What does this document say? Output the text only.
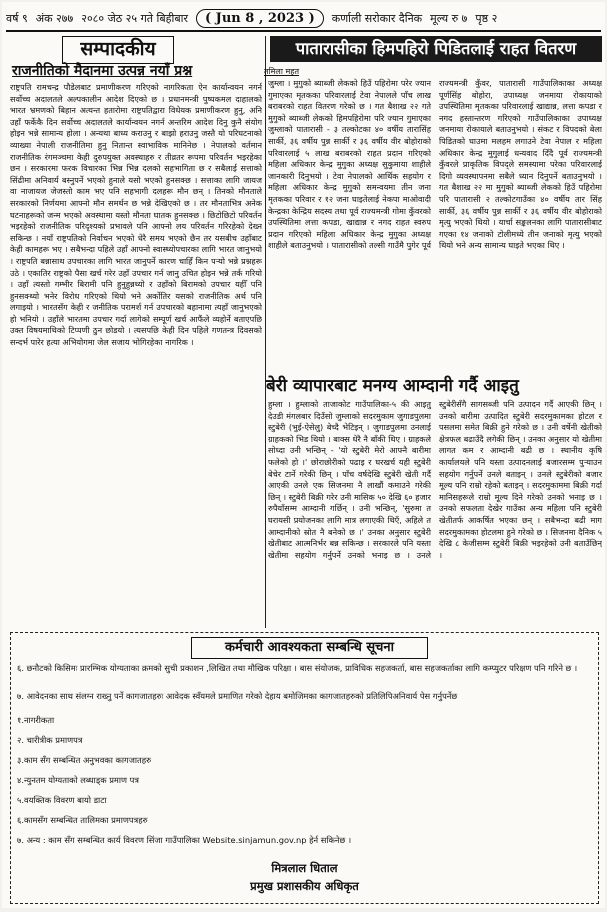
वर्ष ९ अंक २७७ २०८० जेठ २५ गते बिहीबार	( Jun 8 , 2023 )	कर्णाली सरोकार दैनिक मूल्य रु ७ पृष्ठ २
सम्पादकीय
राजनीतिको मैदानमा उत्पन्न नयाँ प्रश्न
राष्ट्रपति रामचन्द्र पौडेलबाट प्रमाणीकरण गरिएको नागरिकता ऐन कार्यान्वयन नगर्न सर्वोच्च अदालतले अल्पकालीन आदेश दिएको छ । प्रधानमन्त्री पुष्पकमल दाहालको भारत भ्रमणको बिहान अत्यन्त हतारोमा राष्ट्रपतिद्वारा विधेयक प्रमाणीकरण हुनु, अनि उहाँ फर्केकै दिन सर्वोच्च अदालतले कार्यान्वयन नगर्न अन्तरिम आदेश दिनु कुनै संयोग होइन भन्ने सामान्य होला । अन्यथा बाध्य कराउनु र बाझो हराउनु जस्तै यो परिघटनाको व्याख्या नेपाली राजनीतिमा हुनु नितान्त स्वाभाविक मानिनेछ । नेपालको वर्तमान राजनीतिक रंगमञ्चमा केही दुरुपयुक्त अवस्थाहरु र तीव्रतर रूपमा परिवर्तन भइरहेका छन । सरकारमा फरक विचारका भिन्न भिन्न दलको सहभागिता छ र सबैलाई सत्ताको सिंढीमा अनिवार्य बस्नुपर्ने भएको हुनाले यसो भएको हुनसक्छ । सत्ताका लागि जायज वा नाजायज जेजस्तो काम भए पनि सहभागी दलहरू मौन छन् । तिनको मौनताले सरकारको निर्णयमा आफ्नो मौन समर्थन छ भन्ने देखिएको छ । तर मौनताभित्र अनेक घटनाहरूको जन्म भएको अवस्थामा यस्तो मौनता घातक हुनसक्छ । छिटोछिटो परिवर्तन भइरहेको राजनीतिक परिदृश्यको प्रभावले पनि आफ्नो लय परिवर्तन गरिरहेको देख्न सकिन्छ । नयाँ राष्ट्रपतिको निर्वाचन भएको धेरै समय भएको छैन तर यसबीच उहाँबाट केही कामहरू भए । सबैभन्दा पहिले उहाँ आफ्नो स्वास्थ्योपचारका लागि भारत जानुभयो । राष्ट्रपति बन्नासाथ उपचारका लागि भारत जानुपर्ने कारण चाहिँ किन पर्‍यो भन्ने प्रश्नहरू उठे । एकातिर राष्ट्रको पैसा खर्च गरेर उहाँ उपचार गर्न जानु उचित होइन भन्ने तर्क गरियो । उहाँ त्यस्तो गम्भीर बिरामी पनि हुनुहुन्नथ्यो र उहाँको बिरामको उपचार यहीँ पनि हुनसक्थ्यो भनेर विरोध गरिएको थियो भने अर्कोतिर यसको राजनीतिक अर्थ पनि लगाइयो । भारतसँग केही र जनीतिक परामर्श गर्न उपचारको बहानामा त्यहाँ जानुभएको हो भनियो । उहाँले भारतमा उपचार गर्दा लागेको सम्पूर्ण खर्च आफैंले व्यहोर्ने बताएपछि उक्त विषयमाथिको टिप्पणी ठुन छोडयो । त्यसपछि केही दिन पहिले गणतन्त्र दिवसको सन्दर्भ पारेर हत्या अभियोगमा जेल सजाय भोगिरहेका नागरिक ।
पातारासीका हिमपहिरो पिडितलाई राहत वितरण
तमिला महत
जुम्ला । मुगुको ब्याब्जी लेकको हिउँ पहिरोमा परेर ज्यान गुमाएका मृतकका परिवारलाई टेवा नेपालले पाँच लाख बराबरको राहत वितरण गरेको छ । गत बैशाख २२ गते मुगुको ब्याब्जी लेकको हिमपहिरोमा परि ज्यान गुमाएका जुम्लाको पातारासी - ३ तल्कोटका ४० वर्षीय तारासिंह सार्की, ३६ वर्षीय पुन्न सार्की र ३६ वर्षीय वीर बोहोराको परिवारलाई ५ लाख बराबरको राहत प्रदान गरिएको महिला अधिकार केन्द्र मुगुका अध्यक्ष सुकुमाया शाहीले जानकारी दिनुभयो । टेवा नेपालको आर्थिक सहयोग र महिला अधिकार केन्द्र मुगुको समन्वयमा तीन जना मृतकका परिवार र १२ जना घाइतेलाई नेकपा माओवादी केन्द्रका केन्द्रिय सदस्य तथा पूर्व राज्यमन्त्री गोमा कुँवरको उपस्थितिमा लत्ता कपडा, खाद्यान्न र नगद राहत स्वरुप प्रदान गरिएको महिला अधिकार केन्द्र मुगुका अध्यक्ष शाहीले बताउनुभयो । पातारासीको तल्सी गाउँमै पुगेर पूर्व राज्यमन्त्री कुँवर, पातारासी गाउँपालिकाका अध्यक्ष पूर्णसिंह बोहोरा, उपाध्यक्ष जनमाया रोकायाको उपस्थितिमा मृतकका परिवारलाई खाद्यान्न, लत्ता कपडा र नगद हस्तान्तरण गरिएको गाउँपालिकाका उपाध्यक्ष जनमाया रोकायाले बताउनुभयो । संकट र विपदको बेला पिडितको घाउमा मलहम लगाउने टेवा नेपाल र महिला अधिकार केन्द्र मुगुलाई धन्यवाद दिँदै पूर्व राज्यमन्त्री कुँवरले प्राकृतिक विपद्ले समस्यामा परेका परिवारलाई दिगो व्यवस्थापनमा सबैले ध्यान दिनुपर्ने बताउनुभयो । गत बैशाख २२ मा मुगुको ब्याब्जी लेकको हिउँ पहिरोमा परि पातारासी २ तल्कोटगाउँका ४० वर्षीय तार सिंह सार्की, ३६ वर्षीय पुन्न सार्की र ३६ वर्षीय वीर बोहोराको मृत्यु भएको थियो । यार्चा सङ्कलनका लागि पातारासीबाट गएका १४ जनाको टोलीमध्ये तीन जनाको मृत्यु भएको थियो भने अन्य सामान्य घाइते भएका थिए ।
बेरी व्यापारबाट मनग्य आम्दानी गर्दै आइतु
हुम्ला । हुम्लाको ताजाकोट गाउँपालिका-५ की आइतु देउडी मंगलबार दिउँसो जुम्लाको सदरमुकाम जुगाडपुलमा स्टुबेरी (भुई-ऐसेलु) बेच्दै भेटिइन् । जुगाडपुलमा उनलाई ग्राहकको भिड थियो । बाक्स धेरै नै बाँकी थिए । ग्राहकले सोध्दा उनी भन्छिन् - 'यो स्टुबेरी मेरो आफ्नै बारीमा फलेको हो ।' छोराछोरीको पढाइ र घरखर्च यही स्टुबेरी बेचेर टार्ने गरेकी छिन् । पाँच वर्षदेखि स्टुबेरी खेती गर्दै आएकी उनले एक सिजनमा नै लाखौं कमाउने गरेकी छिन् । स्टुबेरी बिक्री गरेर उनी मासिक ५० देखि ६० हजार रुपैयाँसम्म आम्दानी गर्छिन् । उनी भन्छिन्, 'सुरुमा त घरायसी प्रयोजनका लागि मात्र लगाएकी थिएँ, अहिले त आम्दानीको स्रोत नै बनेको छ ।' उनका अनुसार स्टुबेरी खेतीबाट आत्मनिर्भर बन्न सकिन्छ । सरकारले पनि यस्ता खेतीमा सहयोग गर्नुपर्ने उनको भनाइ छ । उनले स्टुबेरीसँगै सागसब्जी पनि उत्पादन गर्दै आएकी छिन् । उनको बारीमा उत्पादित स्टुबेरी सदरमुकामका होटल र पसलमा समेत बिक्री हुने गरेको छ । उनी वर्षेनी खेतीको क्षेत्रफल बढाउँदै लगेकी छिन् । उनका अनुसार यो खेतीमा लागत कम र आम्दानी बढी छ । स्थानीय कृषि कार्यालयले पनि यस्ता उत्पादनलाई बजारसम्म पुर्‍याउन सहयोग गर्नुपर्ने उनले बताइन् । उनले स्टुबेरीको बजार मूल्य पनि राम्रो रहेको बताइन् । सदरमुकाममा बिक्री गर्दा मानिसहरूले राम्रो मूल्य दिने गरेको उनको भनाइ छ । उनको सफलता देखेर गाउँका अन्य महिला पनि स्टुबेरी खेतीतर्फ आकर्षित भएका छन् । सबैभन्दा बढी माग सदरमुकामका होटलमा हुने गरेको छ । सिजनमा दैनिक ५ देखि ८ केजीसम्म स्टुबेरी बिक्री भइरहेको उनी बताउँछिन् ।
कर्मचारी आवश्यकता सम्बन्धि सूचना
६. छनौटको किसिमः प्रारम्भिक योग्यताका क्रमको सुची प्रकाशन ,लिखित तथा मौखिक परिक्षा । बास संयोजक, प्राविधिक सहजकर्ता, बास सहजकर्ताका लागि कम्प्युटर परिक्षण पनि गरिने छ ।
७. आवेदनका साथ संलग्न राख्नु पर्ने कागजातहरुः आवेदक स्वँयमले प्रमाणित गरेको देहाय बमोजिमका कागजातहरुको प्रतिलिपिअनिवार्य पेस गर्नुपर्नेछ
१.नागरीकता
२. चारीत्रीक प्रमाणपत्र
३.काम सँग सम्बन्धित अनुभवका कागजातहरु
४.न्युनतम योग्यताको लब्धाड्क प्रमाण पत्र
५.वयक्तिक विवरण बायो डाटा
६.कामसँग सम्बन्धित तालिमका प्रमाणपत्रहरु
७. अन्य : काम सँग सम्बन्धित कार्य विवरण सिंजा गाउँपालिका Website.sinjamun.gov.np हेर्न सकिनेछ ।
मित्रलाल धिताल
प्रमुख प्रशासकीय अधिकृत
